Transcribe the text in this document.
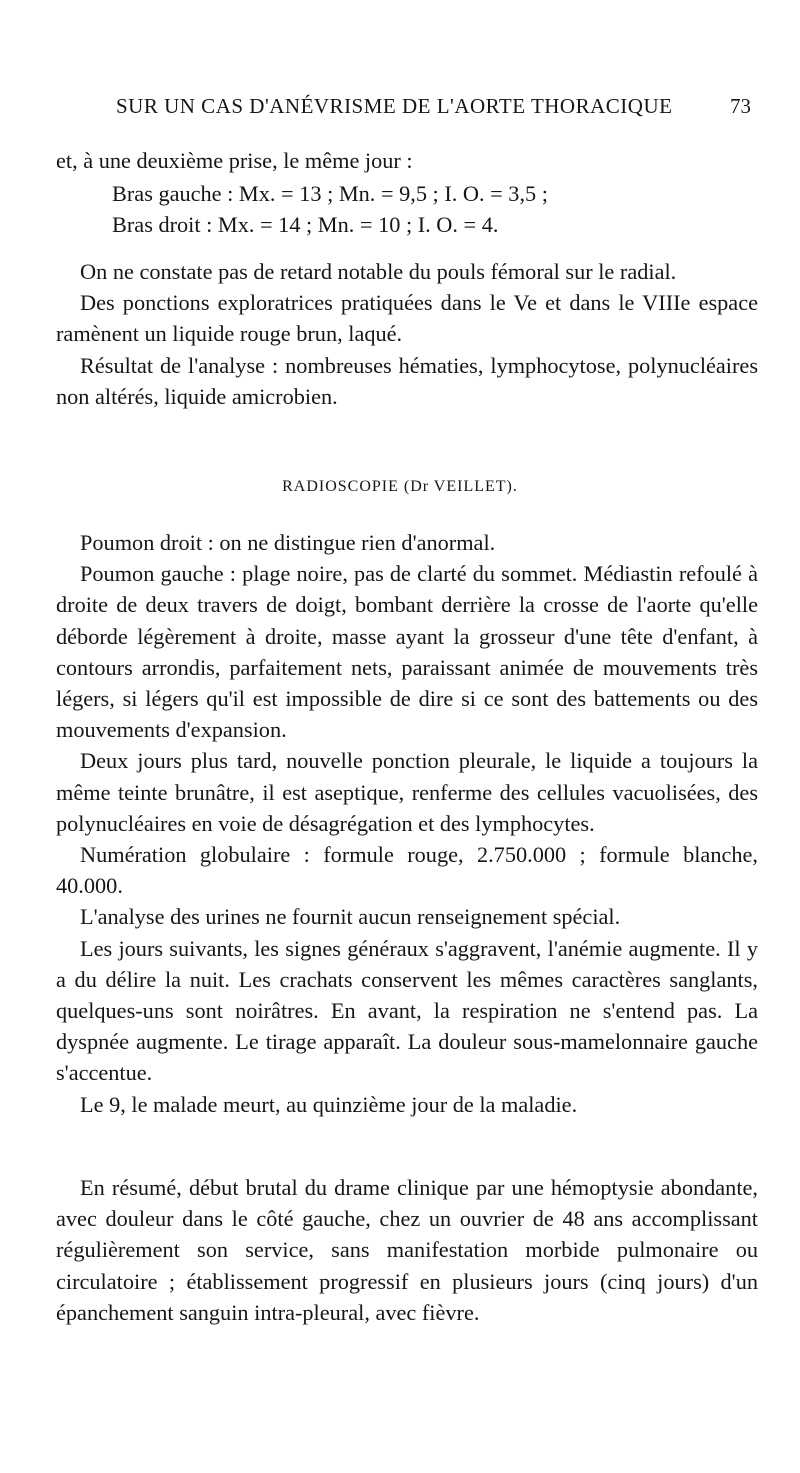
SUR UN CAS D'ANÉVRISME DE L'AORTE THORACIQUE	73

et, à une deuxième prise, le même jour :

Bras gauche : Mx. = 13 ; Mn. = 9,5 ; I. O. = 3,5 ;
Bras droit : Mx. = 14 ; Mn. = 10 ; I. O. = 4.

On ne constate pas de retard notable du pouls fémoral sur le radial.

Des ponctions exploratrices pratiquées dans le Ve et dans le VIIIe espace ramènent un liquide rouge brun, laqué.

Résultat de l'analyse : nombreuses hématies, lymphocytose, polynucléaires non altérés, liquide amicrobien.

RADIOSCOPIE (Dr VEILLET).

Poumon droit : on ne distingue rien d'anormal.

Poumon gauche : plage noire, pas de clarté du sommet. Médiastin refoulé à droite de deux travers de doigt, bombant derrière la crosse de l'aorte qu'elle déborde légèrement à droite, masse ayant la grosseur d'une tête d'enfant, à contours arrondis, parfaitement nets, paraissant animée de mouvements très légers, si légers qu'il est impossible de dire si ce sont des battements ou des mouvements d'expansion.

Deux jours plus tard, nouvelle ponction pleurale, le liquide a toujours la même teinte brunâtre, il est aseptique, renferme des cellules vacuolisées, des polynucléaires en voie de désagrégation et des lymphocytes.

Numération globulaire : formule rouge, 2.750.000 ; formule blanche, 40.000.

L'analyse des urines ne fournit aucun renseignement spécial.

Les jours suivants, les signes généraux s'aggravent, l'anémie augmente. Il y a du délire la nuit. Les crachats conservent les mêmes caractères sanglants, quelques-uns sont noirâtres. En avant, la respiration ne s'entend pas. La dyspnée augmente. Le tirage apparaît. La douleur sous-mamelonnaire gauche s'accentue.

Le 9, le malade meurt, au quinzième jour de la maladie.

En résumé, début brutal du drame clinique par une hémoptysie abondante, avec douleur dans le côté gauche, chez un ouvrier de 48 ans accomplissant régulièrement son service, sans manifestation morbide pulmonaire ou circulatoire ; établissement progressif en plusieurs jours (cinq jours) d'un épanchement sanguin intra-pleural, avec fièvre.
